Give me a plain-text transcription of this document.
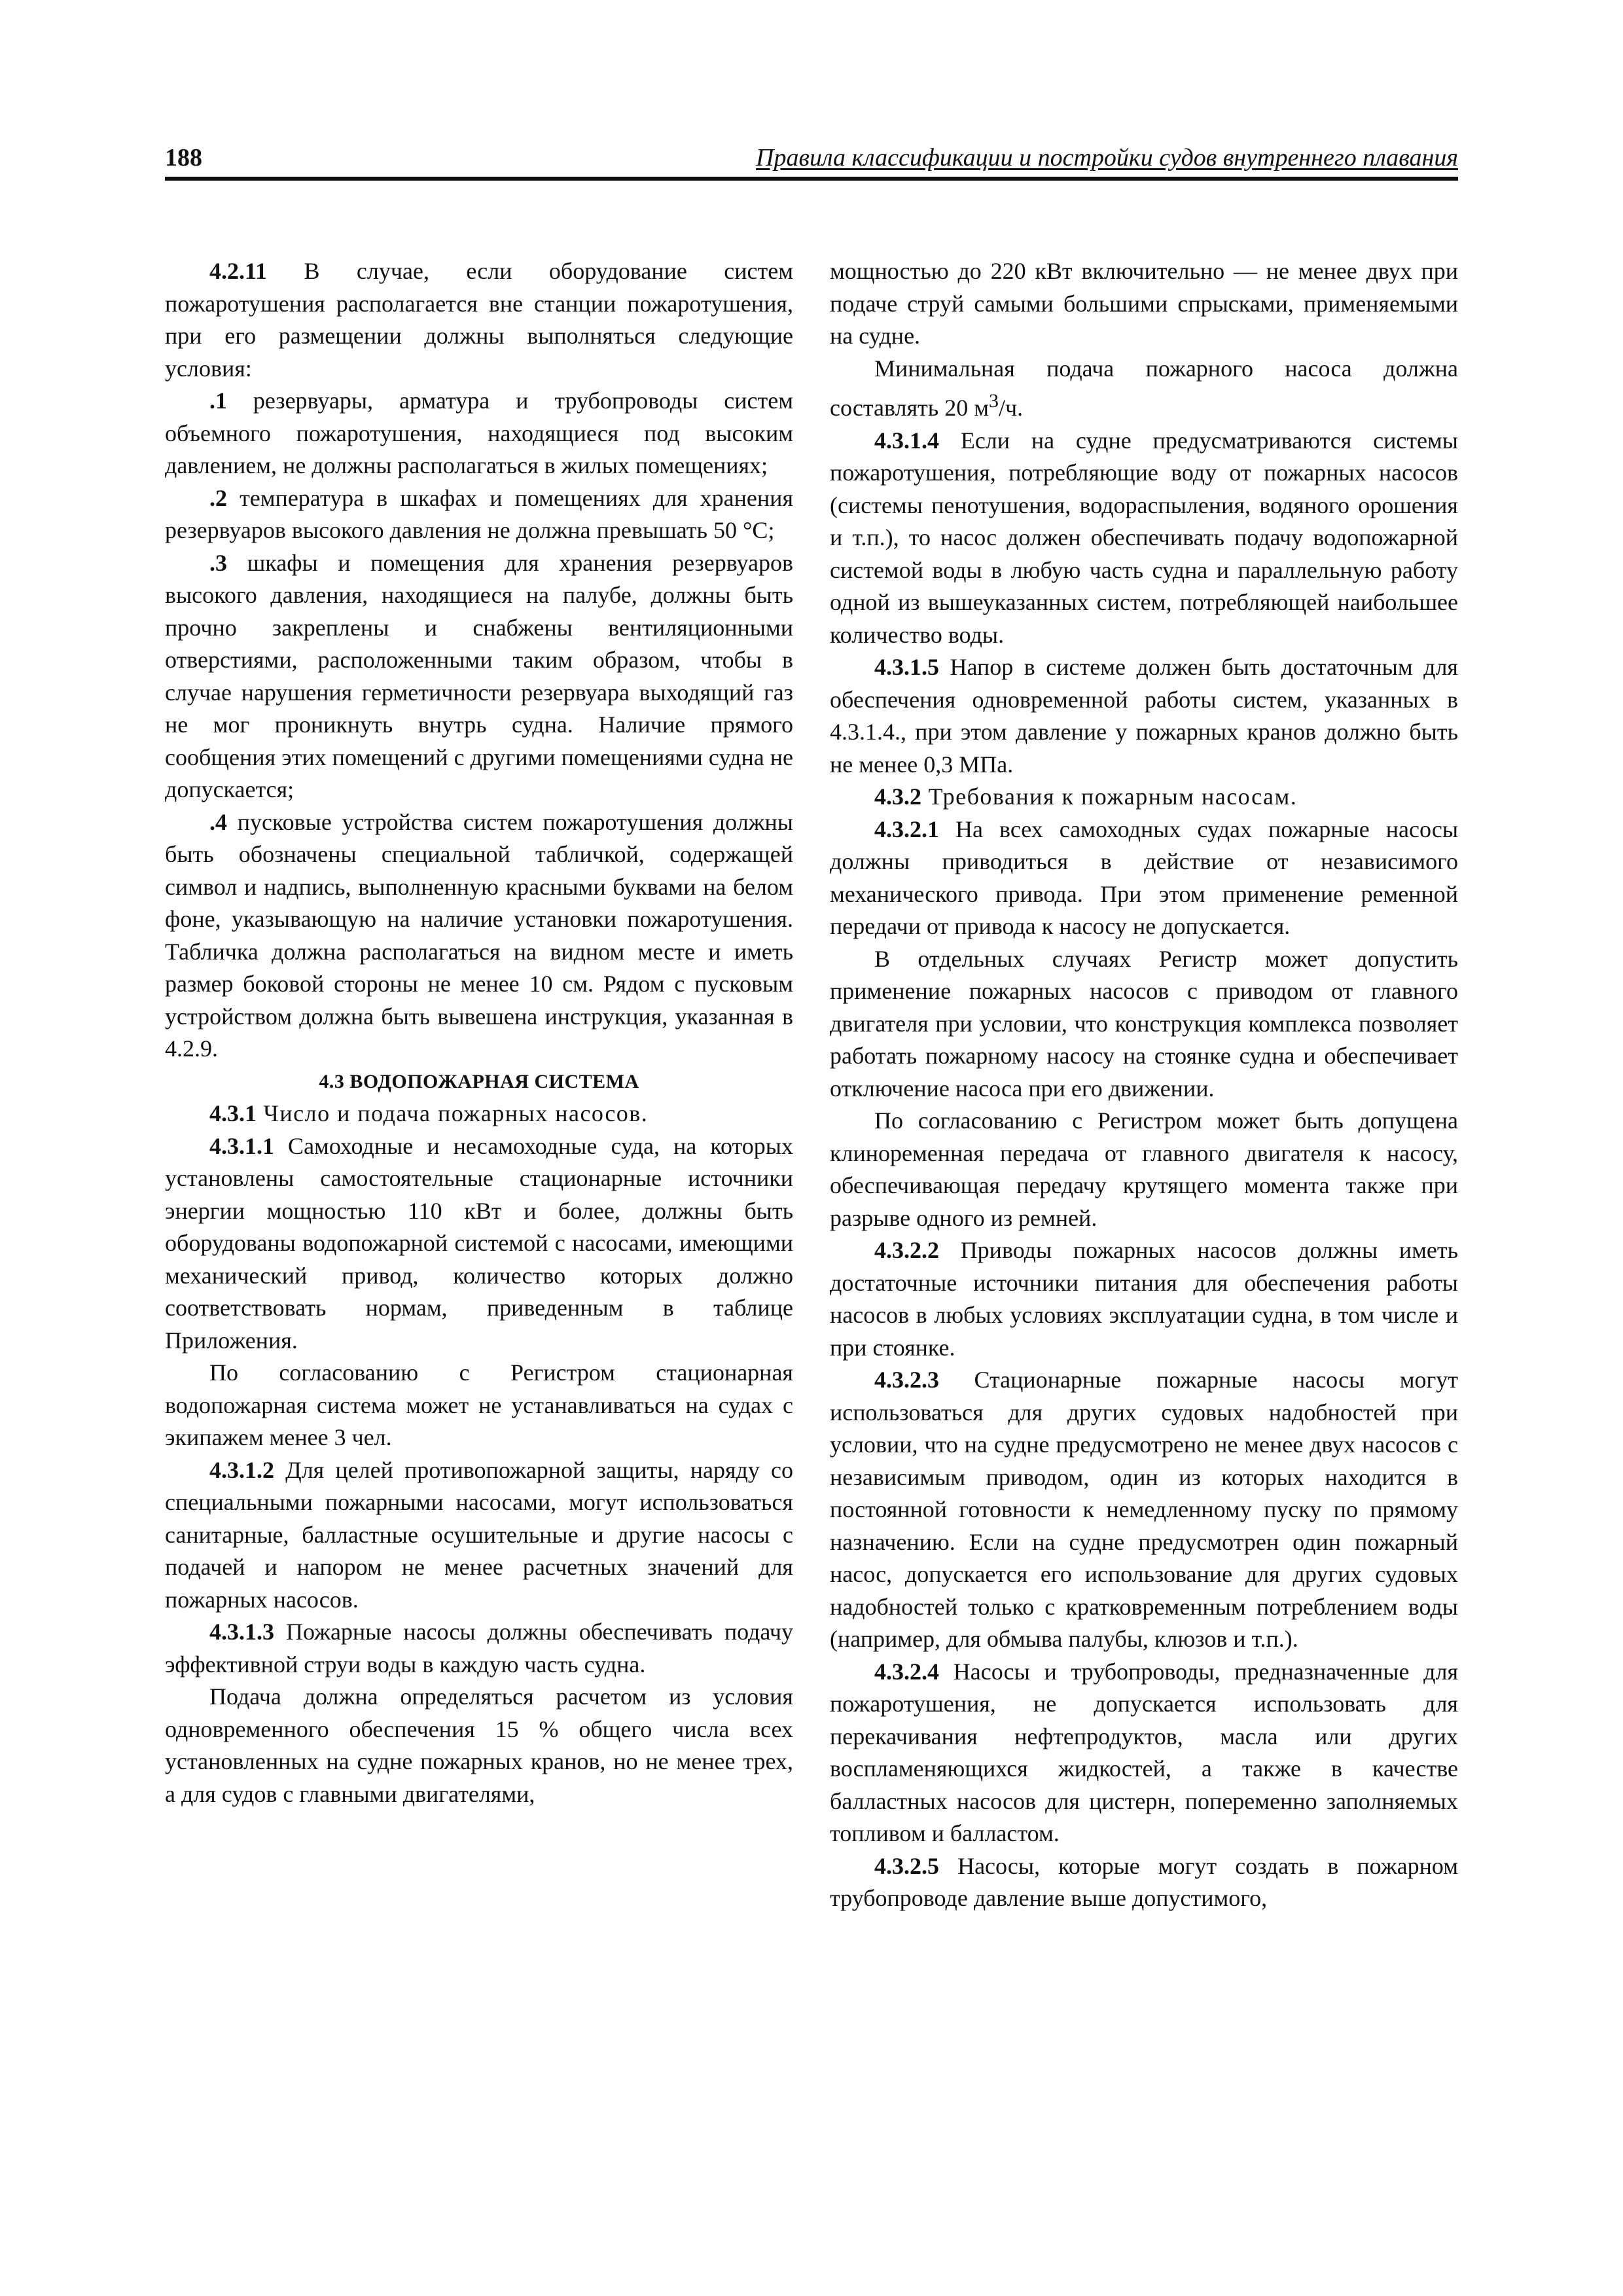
188	Правила классификации и постройки судов внутреннего плавания

4.2.11 В случае, если оборудование систем пожаротушения располагается вне станции пожаротушения, при его размещении должны выполняться следующие условия:

.1 резервуары, арматура и трубопроводы систем объемного пожаротушения, находящиеся под высоким давлением, не должны располагаться в жилых помещениях;

.2 температура в шкафах и помещениях для хранения резервуаров высокого давления не должна превышать 50 °С;

.3 шкафы и помещения для хранения резервуаров высокого давления, находящиеся на палубе, должны быть прочно закреплены и снабжены вентиляционными отверстиями, расположенными таким образом, чтобы в случае нарушения герметичности резервуара выходящий газ не мог проникнуть внутрь судна. Наличие прямого сообщения этих помещений с другими помещениями судна не допускается;

.4 пусковые устройства систем пожаротушения должны быть обозначены специальной табличкой, содержащей символ и надпись, выполненную красными буквами на белом фоне, указывающую на наличие установки пожаротушения. Табличка должна располагаться на видном месте и иметь размер боковой стороны не менее 10 см. Рядом с пусковым устройством должна быть вывешена инструкция, указанная в 4.2.9.

4.3 ВОДОПОЖАРНАЯ СИСТЕМА

4.3.1 Число и подача пожарных насосов.

4.3.1.1 Самоходные и несамоходные суда, на которых установлены самостоятельные стационарные источники энергии мощностью 110 кВт и более, должны быть оборудованы водопожарной системой с насосами, имеющими механический привод, количество которых должно соответствовать нормам, приведенным в таблице Приложения.

По согласованию с Регистром стационарная водопожарная система может не устанавливаться на судах с экипажем менее 3 чел.

4.3.1.2 Для целей противопожарной защиты, наряду со специальными пожарными насосами, могут использоваться санитарные, балластные осушительные и другие насосы с подачей и напором не менее расчетных значений для пожарных насосов.

4.3.1.3 Пожарные насосы должны обеспечивать подачу эффективной струи воды в каждую часть судна.

Подача должна определяться расчетом из условия одновременного обеспечения 15 % общего числа всех установленных на судне пожарных кранов, но не менее трех, а для судов с главными двигателями,

мощностью до 220 кВт включительно — не менее двух при подаче струй самыми большими спрысками, применяемыми на судне.

Минимальная подача пожарного насоса должна составлять 20 $м^3/ч$.

4.3.1.4 Если на судне предусматриваются системы пожаротушения, потребляющие воду от пожарных насосов (системы пенотушения, водораспыления, водяного орошения и т.п.), то насос должен обеспечивать подачу водопожарной системой воды в любую часть судна и параллельную работу одной из вышеуказанных систем, потребляющей наибольшее количество воды.

4.3.1.5 Напор в системе должен быть достаточным для обеспечения одновременной работы систем, указанных в 4.3.1.4., при этом давление у пожарных кранов должно быть не менее 0,3 МПа.

4.3.2 Требования к пожарным насосам.

4.3.2.1 На всех самоходных судах пожарные насосы должны приводиться в действие от независимого механического привода. При этом применение ременной передачи от привода к насосу не допускается.

В отдельных случаях Регистр может допустить применение пожарных насосов с приводом от главного двигателя при условии, что конструкция комплекса позволяет работать пожарному насосу на стоянке судна и обеспечивает отключение насоса при его движении.

По согласованию с Регистром может быть допущена клиноременная передача от главного двигателя к насосу, обеспечивающая передачу крутящего момента также при разрыве одного из ремней.

4.3.2.2 Приводы пожарных насосов должны иметь достаточные источники питания для обеспечения работы насосов в любых условиях эксплуатации судна, в том числе и при стоянке.

4.3.2.3 Стационарные пожарные насосы могут использоваться для других судовых надобностей при условии, что на судне предусмотрено не менее двух насосов с независимым приводом, один из которых находится в постоянной готовности к немедленному пуску по прямому назначению. Если на судне предусмотрен один пожарный насос, допускается его использование для других судовых надобностей только с кратковременным потреблением воды (например, для обмыва палубы, клюзов и т.п.).

4.3.2.4 Насосы и трубопроводы, предназначенные для пожаротушения, не допускается использовать для перекачивания нефтепродуктов, масла или других воспламеняющихся жидкостей, а также в качестве балластных насосов для цистерн, попеременно заполняемых топливом и балластом.

4.3.2.5 Насосы, которые могут создать в пожарном трубопроводе давление выше допустимого,
